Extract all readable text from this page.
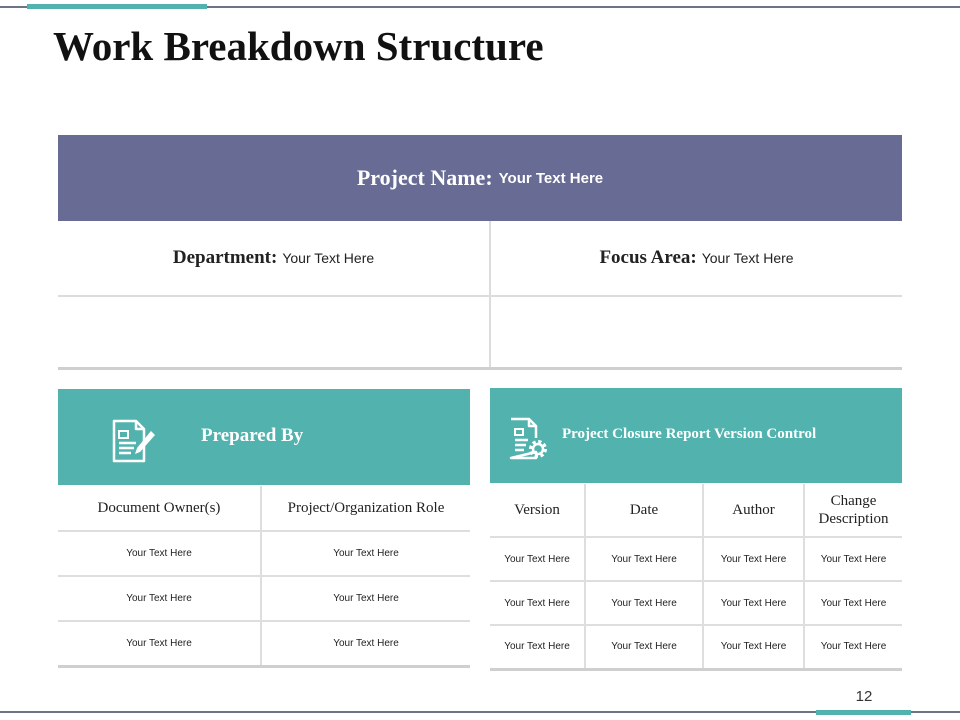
Work Breakdown Structure
Project Name : Your Text Here
Department: Your Text Here	Focus Area: Your Text Here
Prepared By
Document Owner(s)	Project/Organization Role
Your Text Here	Your Text Here
Your Text Here	Your Text Here
Your Text Here	Your Text Here
Project Closure Report Version Control
Version	Date	Author	Change Description
Your Text Here	Your Text Here	Your Text Here	Your Text Here
Your Text Here	Your Text Here	Your Text Here	Your Text Here
Your Text Here	Your Text Here	Your Text Here	Your Text Here
12
